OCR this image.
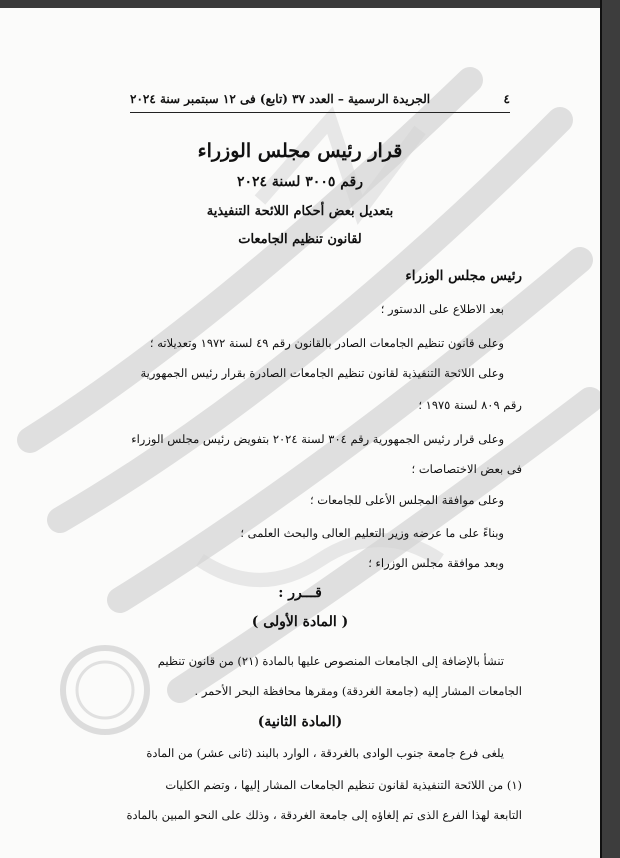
٤
الجريدة الرسمية – العدد ٣٧ (تابع) فى ١٢ سبتمبر سنة ٢٠٢٤
قرار رئيس مجلس الوزراء
رقم ٣٠٠٥ لسنة ٢٠٢٤
بتعديل بعض أحكام اللائحة التنفيذية
لقانون تنظيم الجامعات
رئيس مجلس الوزراء
بعد الاطلاع على الدستور ؛
وعلى قانون تنظيم الجامعات الصادر بالقانون رقم ٤٩ لسنة ١٩٧٢ وتعديلاته ؛
وعلى اللائحة التنفيذية لقانون تنظيم الجامعات الصادرة بقرار رئيس الجمهورية
رقم ٨٠٩ لسنة ١٩٧٥ ؛
وعلى قرار رئيس الجمهورية رقم ٣٠٤ لسنة ٢٠٢٤ بتفويض رئيس مجلس الوزراء
فى بعض الاختصاصات ؛
وعلى موافقة المجلس الأعلى للجامعات ؛
وبناءً على ما عرضه وزير التعليم العالى والبحث العلمى ؛
وبعد موافقة مجلس الوزراء ؛
قـــرر :
( المادة الأولى )
تنشأ بالإضافة إلى الجامعات المنصوص عليها بالمادة (٢١) من قانون تنظيم
الجامعات المشار إليه (جامعة الغردقة) ومقرها محافظة البحر الأحمر .
(المادة الثانية)
يلغى فرع جامعة جنوب الوادى بالغردقة ، الوارد بالبند (ثانى عشر) من المادة
(١) من اللائحة التنفيذية لقانون تنظيم الجامعات المشار إليها ، وتضم الكليات
التابعة لهذا الفرع الذى تم إلغاؤه إلى جامعة الغردقة ، وذلك على النحو المبين بالمادة
